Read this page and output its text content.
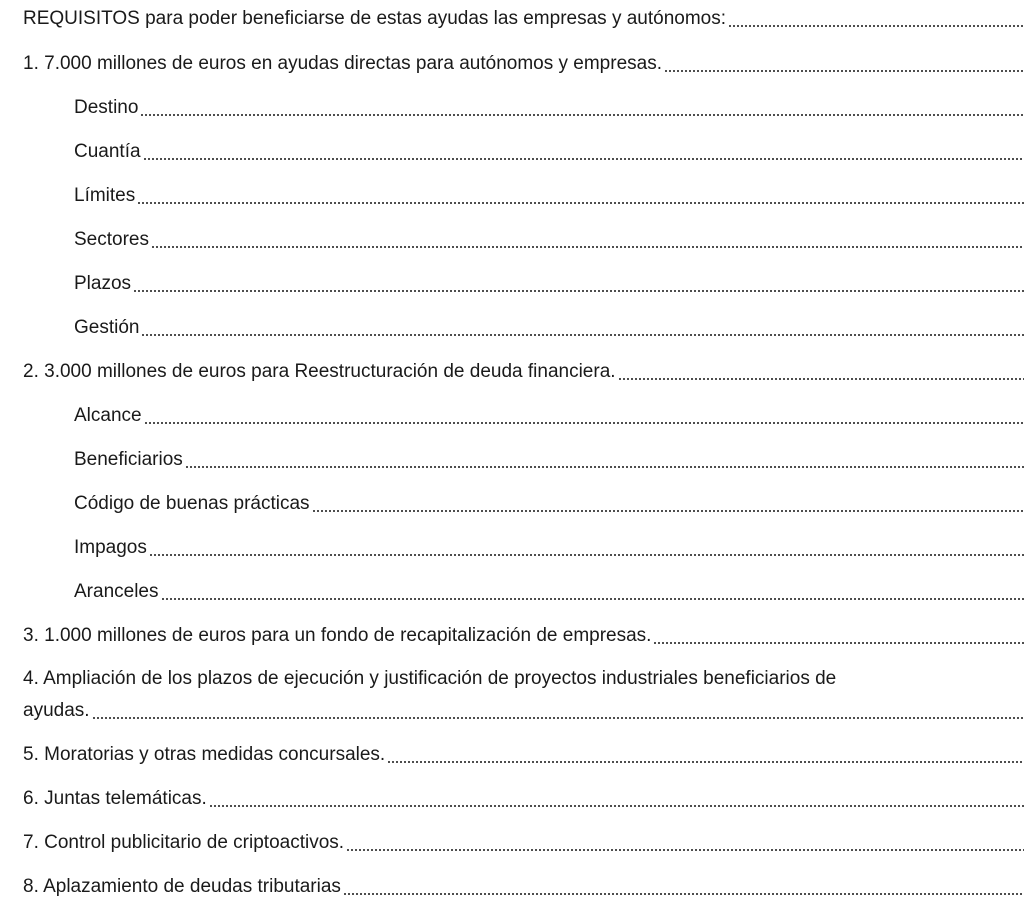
REQUISITOS para poder beneficiarse de estas ayudas las empresas y autónomos:
1. 7.000 millones de euros en ayudas directas para autónomos y empresas.
Destino
Cuantía
Límites
Sectores
Plazos
Gestión
2. 3.000 millones de euros para Reestructuración de deuda financiera.
Alcance
Beneficiarios
Código de buenas prácticas
Impagos
Aranceles
3. 1.000 millones de euros para un fondo de recapitalización de empresas.
4. Ampliación de los plazos de ejecución y justificación de proyectos industriales beneficiarios de
ayudas.
5. Moratorias y otras medidas concursales.
6. Juntas telemáticas.
7. Control publicitario de criptoactivos.
8. Aplazamiento de deudas tributarias
